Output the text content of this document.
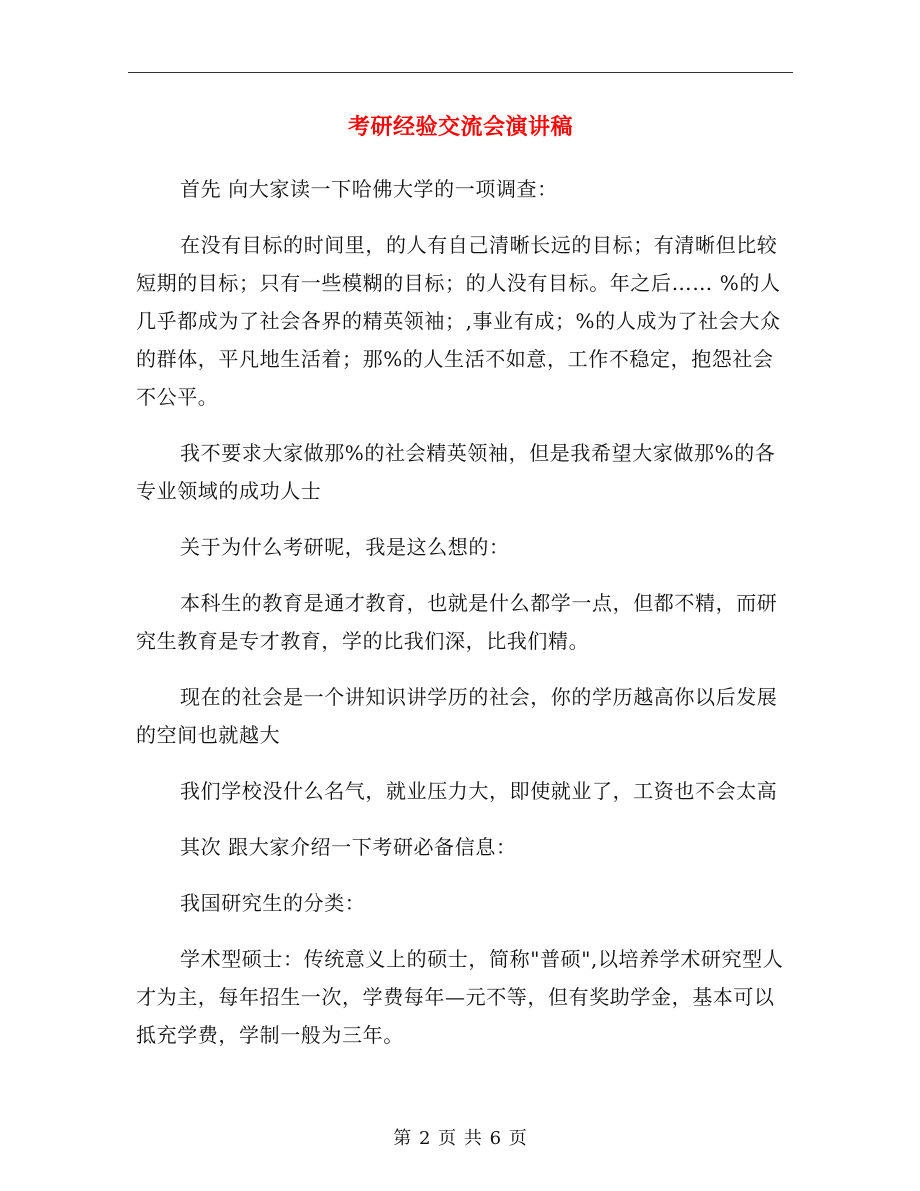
考研经验交流会演讲稿

首先 向大家读一下哈佛大学的一项调查：

在没有目标的时间里，的人有自己清晰长远的目标；有清晰但比较短期的目标；只有一些模糊的目标；的人没有目标。年之后…… %的人几乎都成为了社会各界的精英领袖；,事业有成；%的人成为了社会大众的群体，平凡地生活着；那%的人生活不如意，工作不稳定，抱怨社会不公平。

我不要求大家做那%的社会精英领袖，但是我希望大家做那%的各专业领域的成功人士

关于为什么考研呢，我是这么想的：

本科生的教育是通才教育，也就是什么都学一点，但都不精，而研究生教育是专才教育，学的比我们深，比我们精。

现在的社会是一个讲知识讲学历的社会，你的学历越高你以后发展的空间也就越大

我们学校没什么名气，就业压力大，即使就业了，工资也不会太高

其次 跟大家介绍一下考研必备信息：

我国研究生的分类：

学术型硕士：传统意义上的硕士，简称"普硕",以培养学术研究型人才为主，每年招生一次，学费每年—元不等，但有奖助学金，基本可以抵充学费，学制一般为三年。

第 2 页 共 6 页
